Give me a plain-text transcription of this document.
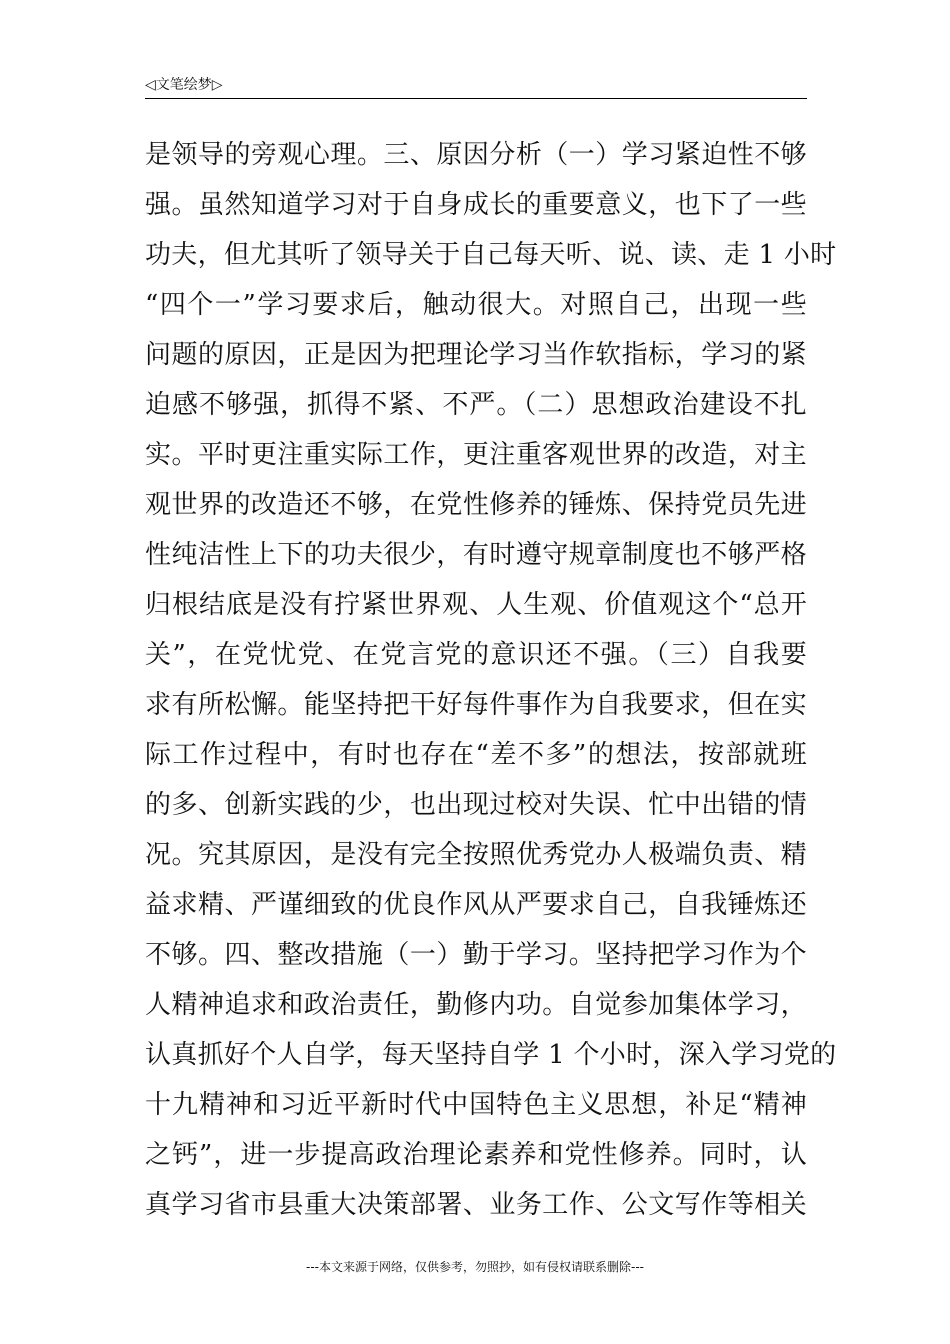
◁文笔绘梦▷
是领导的旁观心理。三、原因分析（一）学习紧迫性不够
强。虽然知道学习对于自身成长的重要意义，也下了一些
功夫，但尤其听了领导关于自己每天听、说、读、走 1 小时
“四个一”学习要求后，触动很大。对照自己，出现一些
问题的原因，正是因为把理论学习当作软指标，学习的紧
迫感不够强，抓得不紧、不严。（二）思想政治建设不扎
实。平时更注重实际工作，更注重客观世界的改造，对主
观世界的改造还不够，在党性修养的锤炼、保持党员先进
性纯洁性上下的功夫很少，有时遵守规章制度也不够严格
归根结底是没有拧紧世界观、人生观、价值观这个“总开
关”，在党忧党、在党言党的意识还不强。（三）自我要
求有所松懈。能坚持把干好每件事作为自我要求，但在实
际工作过程中，有时也存在“差不多”的想法，按部就班
的多、创新实践的少，也出现过校对失误、忙中出错的情
况。究其原因，是没有完全按照优秀党办人极端负责、精
益求精、严谨细致的优良作风从严要求自己，自我锤炼还
不够。四、整改措施（一）勤于学习。坚持把学习作为个
人精神追求和政治责任，勤修内功。自觉参加集体学习，
认真抓好个人自学，每天坚持自学 1 个小时，深入学习党的
十九精神和习近平新时代中国特色主义思想，补足“精神
之钙”，进一步提高政治理论素养和党性修养。同时，认
真学习省市县重大决策部署、业务工作、公文写作等相关
---本文来源于网络，仅供参考，勿照抄，如有侵权请联系删除---
